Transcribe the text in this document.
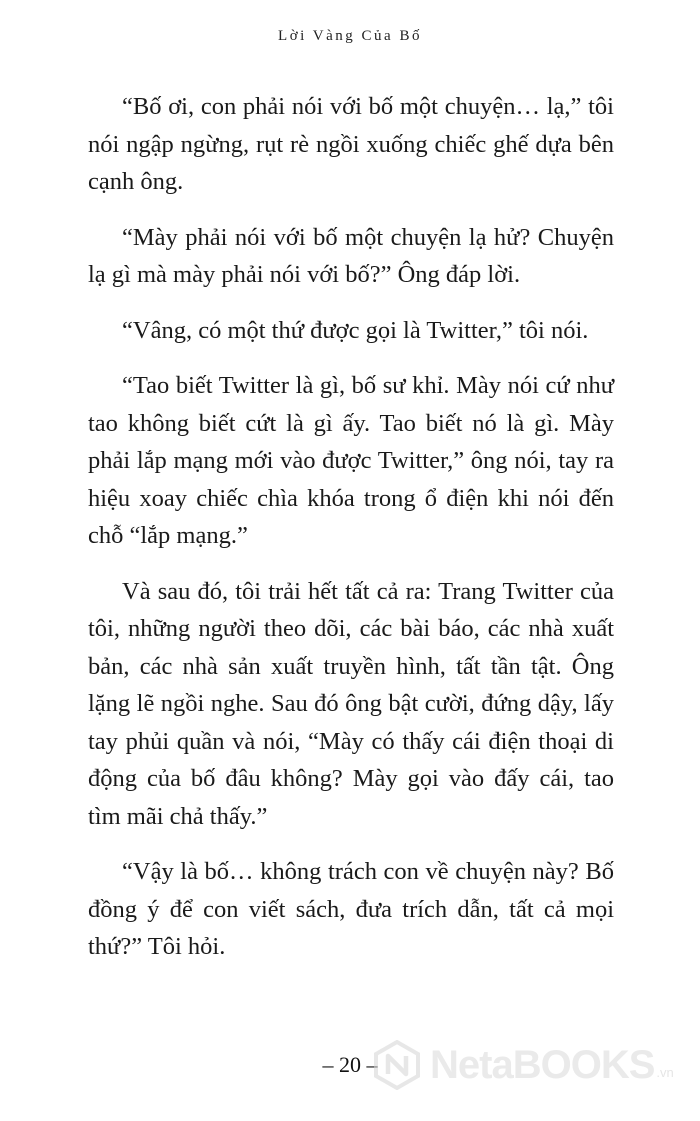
Lời Vàng Của Bố

“Bố ơi, con phải nói với bố một chuyện… lạ,” tôi nói ngập ngừng, rụt rè ngồi xuống chiếc ghế dựa bên cạnh ông.

“Mày phải nói với bố một chuyện lạ hử? Chuyện lạ gì mà mày phải nói với bố?” Ông đáp lời.

“Vâng, có một thứ được gọi là Twitter,” tôi nói.

“Tao biết Twitter là gì, bố sư khỉ. Mày nói cứ như tao không biết cứt là gì ấy. Tao biết nó là gì. Mày phải lắp mạng mới vào được Twitter,” ông nói, tay ra hiệu xoay chiếc chìa khóa trong ổ điện khi nói đến chỗ “lắp mạng.”

Và sau đó, tôi trải hết tất cả ra: Trang Twitter của tôi, những người theo dõi, các bài báo, các nhà xuất bản, các nhà sản xuất truyền hình, tất tần tật. Ông lặng lẽ ngồi nghe. Sau đó ông bật cười, đứng dậy, lấy tay phủi quần và nói, “Mày có thấy cái điện thoại di động của bố đâu không? Mày gọi vào đấy cái, tao tìm mãi chả thấy.”

“Vậy là bố… không trách con về chuyện này? Bố đồng ý để con viết sách, đưa trích dẫn, tất cả mọi thứ?” Tôi hỏi.

– 20 –	NetaBOOKS .vn
